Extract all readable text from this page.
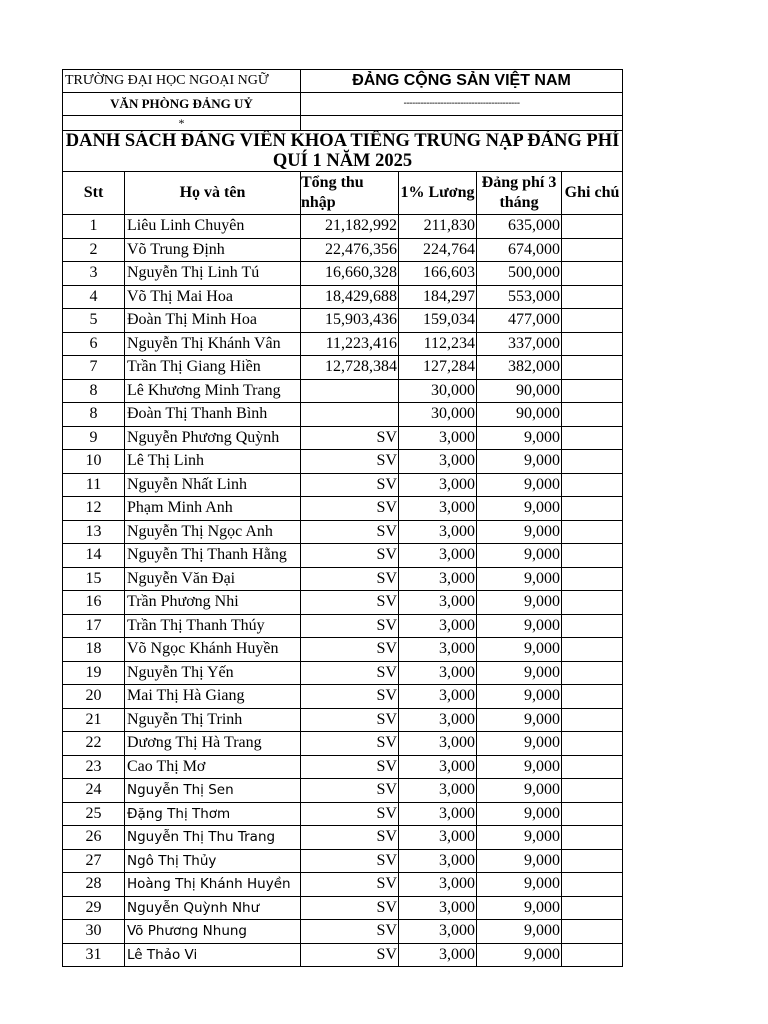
TRƯỜNG ĐẠI HỌC NGOẠI NGỮ		ĐẢNG CỘNG SẢN VIỆT NAM			
VĂN PHÒNG ĐẢNG UỶ		-----------------------------------------			
*					
DANH SÁCH ĐẢNG VIÊN KHOA TIẾNG TRUNG NẠP ĐẢNG PHÍ QUÍ 1 NĂM 2025					
Stt	Họ và tên	Tổng thu nhập	1% Lương	Đảng phí 3 tháng	Ghi chú
1	Liêu Linh Chuyên	21,182,992	211,830	635,000	
2	Võ Trung Định	22,476,356	224,764	674,000	
3	Nguyễn Thị Linh Tú	16,660,328	166,603	500,000	
4	Võ Thị Mai Hoa	18,429,688	184,297	553,000	
5	Đoàn Thị Minh Hoa	15,903,436	159,034	477,000	
6	Nguyễn Thị Khánh Vân	11,223,416	112,234	337,000	
7	Trần Thị Giang Hiền	12,728,384	127,284	382,000	
8	Lê Khương Minh Trang		30,000	90,000	
8	Đoàn Thị Thanh Bình		30,000	90,000	
9	Nguyễn Phương Quỳnh	SV	3,000	9,000	
10	Lê Thị Linh	SV	3,000	9,000	
11	Nguyễn Nhất Linh	SV	3,000	9,000	
12	Phạm Minh Anh	SV	3,000	9,000	
13	Nguyễn Thị Ngọc Anh	SV	3,000	9,000	
14	Nguyễn Thị Thanh Hằng	SV	3,000	9,000	
15	Nguyễn Văn Đại	SV	3,000	9,000	
16	Trần Phương Nhi	SV	3,000	9,000	
17	Trần Thị Thanh Thúy	SV	3,000	9,000	
18	Võ Ngọc Khánh Huyền	SV	3,000	9,000	
19	Nguyễn Thị Yến	SV	3,000	9,000	
20	Mai Thị Hà Giang	SV	3,000	9,000	
21	Nguyễn Thị Trinh	SV	3,000	9,000	
22	Dương Thị Hà Trang	SV	3,000	9,000	
23	Cao Thị Mơ	SV	3,000	9,000	
24	Nguyễn Thị Sen	SV	3,000	9,000	
25	Đặng Thị Thơm	SV	3,000	9,000	
26	Nguyễn Thị Thu Trang	SV	3,000	9,000	
27	Ngô Thị Thủy	SV	3,000	9,000	
28	Hoàng Thị Khánh Huyền	SV	3,000	9,000	
29	Nguyễn Quỳnh Như	SV	3,000	9,000	
30	Võ Phương Nhung	SV	3,000	9,000	
31	Lê Thảo Vi	SV	3,000	9,000	
